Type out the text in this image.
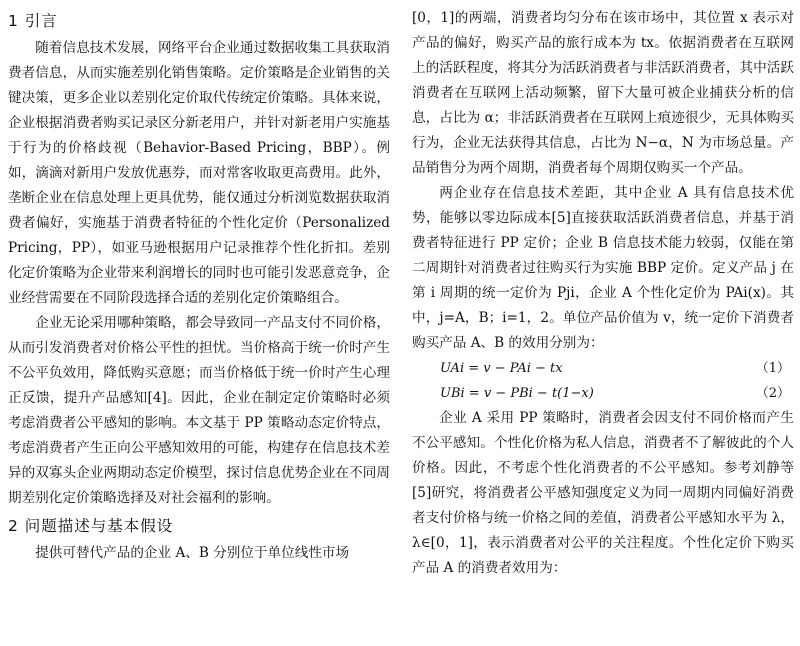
1 引言

随着信息技术发展，网络平台企业通过数据收集工具获取消费者信息，从而实施差别化销售策略。定价策略是企业销售的关键决策，更多企业以差别化定价取代传统定价策略。具体来说，企业根据消费者购买记录区分新老用户，并针对新老用户实施基于行为的价格歧视（Behavior-Based Pricing，BBP）。例如，滴滴对新用户发放优惠券，而对常客收取更高费用。此外，垄断企业在信息处理上更具优势，能仅通过分析浏览数据获取消费者偏好，实施基于消费者特征的个性化定价（Personalized Pricing，PP），如亚马逊根据用户记录推荐个性化折扣。差别化定价策略为企业带来利润增长的同时也可能引发恶意竞争，企业经营需要在不同阶段选择合适的差别化定价策略组合。

企业无论采用哪种策略，都会导致同一产品支付不同价格，从而引发消费者对价格公平性的担忧。当价格高于统一价时产生不公平负效用，降低购买意愿；而当价格低于统一价时产生心理正反馈，提升产品感知[4]。因此，企业在制定定价策略时必须考虑消费者公平感知的影响。本文基于 PP 策略动态定价特点，考虑消费者产生正向公平感知效用的可能，构建存在信息技术差异的双寡头企业两期动态定价模型，探讨信息优势企业在不同周期差别化定价策略选择及对社会福利的影响。

2 问题描述与基本假设

提供可替代产品的企业 A、B 分别位于单位线性市场

[0，1]的两端，消费者均匀分布在该市场中，其位置 x 表示对产品的偏好，购买产品的旅行成本为 tx。依据消费者在互联网上的活跃程度，将其分为活跃消费者与非活跃消费者，其中活跃消费者在互联网上活动频繁，留下大量可被企业捕获分析的信息，占比为 α；非活跃消费者在互联网上痕迹很少，无具体购买行为，企业无法获得其信息，占比为 N−α，N 为市场总量。产品销售分为两个周期，消费者每个周期仅购买一个产品。

两企业存在信息技术差距，其中企业 A 具有信息技术优势，能够以零边际成本[5]直接获取活跃消费者信息，并基于消费者特征进行 PP 定价；企业 B 信息技术能力较弱，仅能在第二周期针对消费者过往购买行为实施 BBP 定价。定义产品 j 在第 i 周期的统一定价为 Pji，企业 A 个性化定价为 PAi(x)。其中，j=A，B；i=1，2。单位产品价值为 v，统一定价下消费者购买产品 A、B 的效用分别为：

UAi = v − PAi − tx	（1）
UBi = v − PBi − t(1−x)	（2）

企业 A 采用 PP 策略时，消费者会因支付不同价格而产生不公平感知。个性化价格为私人信息，消费者不了解彼此的个人价格。因此，不考虑个性化消费者的不公平感知。参考刘静等[5]研究，将消费者公平感知强度定义为同一周期内同偏好消费者支付价格与统一价格之间的差值，消费者公平感知水平为 λ，λ∈[0，1]，表示消费者对公平的关注程度。个性化定价下购买产品 A 的消费者效用为：
